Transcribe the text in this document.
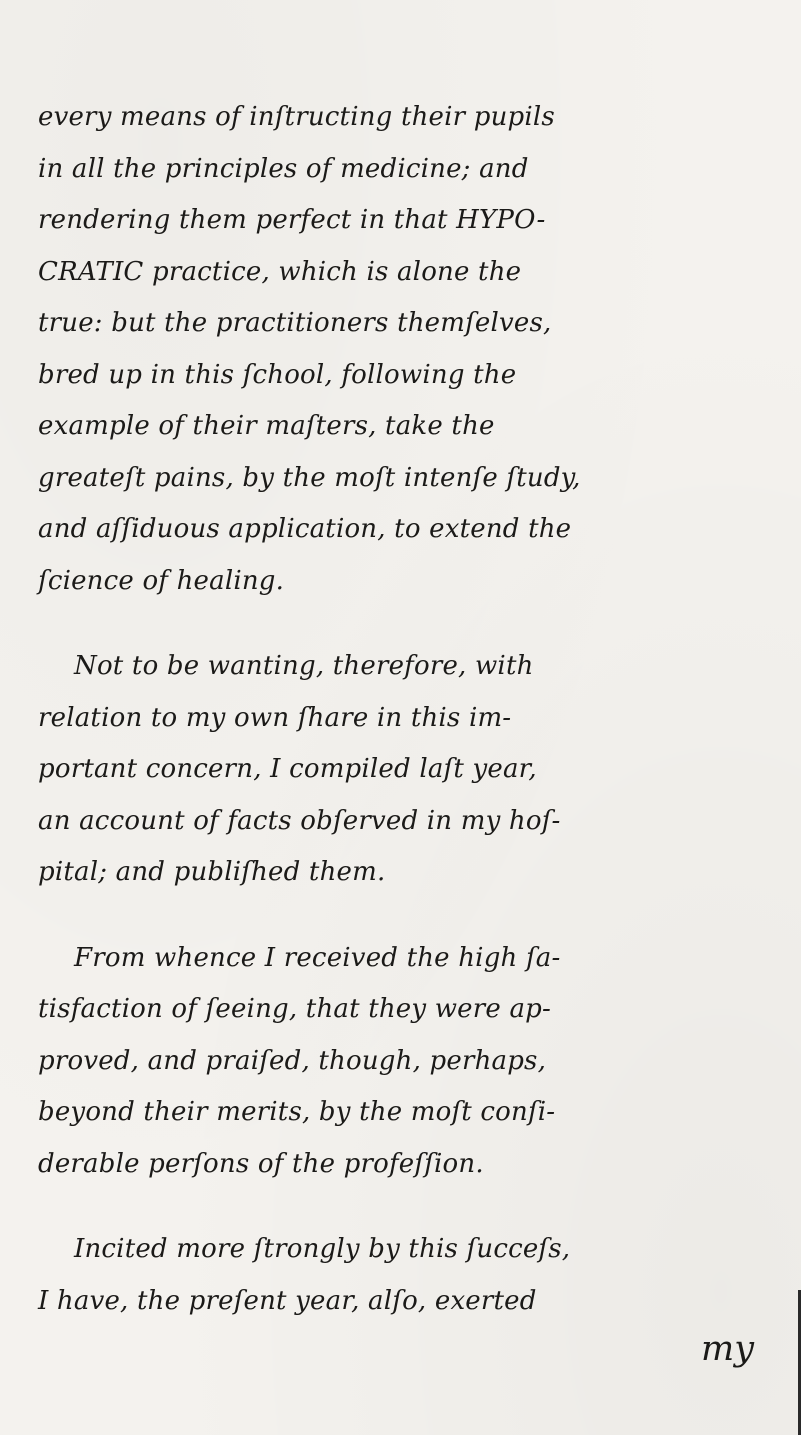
every means of inſtructing their pupils
in all the principles of medicine; and
rendering them perfect in that HYPO-
CRATIC practice, which is alone the
true: but the practitioners themſelves,
bred up in this ſchool, following the
example of their maſters, take the
greateſt pains, by the moſt intenſe ſtudy,
and aſſiduous application, to extend the
ſcience of healing.
Not to be wanting, therefore, with
relation to my own ſhare in this im-
portant concern, I compiled laſt year,
an account of facts obſerved in my hoſ-
pital; and publiſhed them.
From whence I received the high ſa-
tisfaction of ſeeing, that they were ap-
proved, and praiſed, though, perhaps,
beyond their merits, by the moſt conſi-
derable perſons of the profeſſion.
Incited more ſtrongly by this ſucceſs,
I have, the preſent year, alſo, exerted
my
